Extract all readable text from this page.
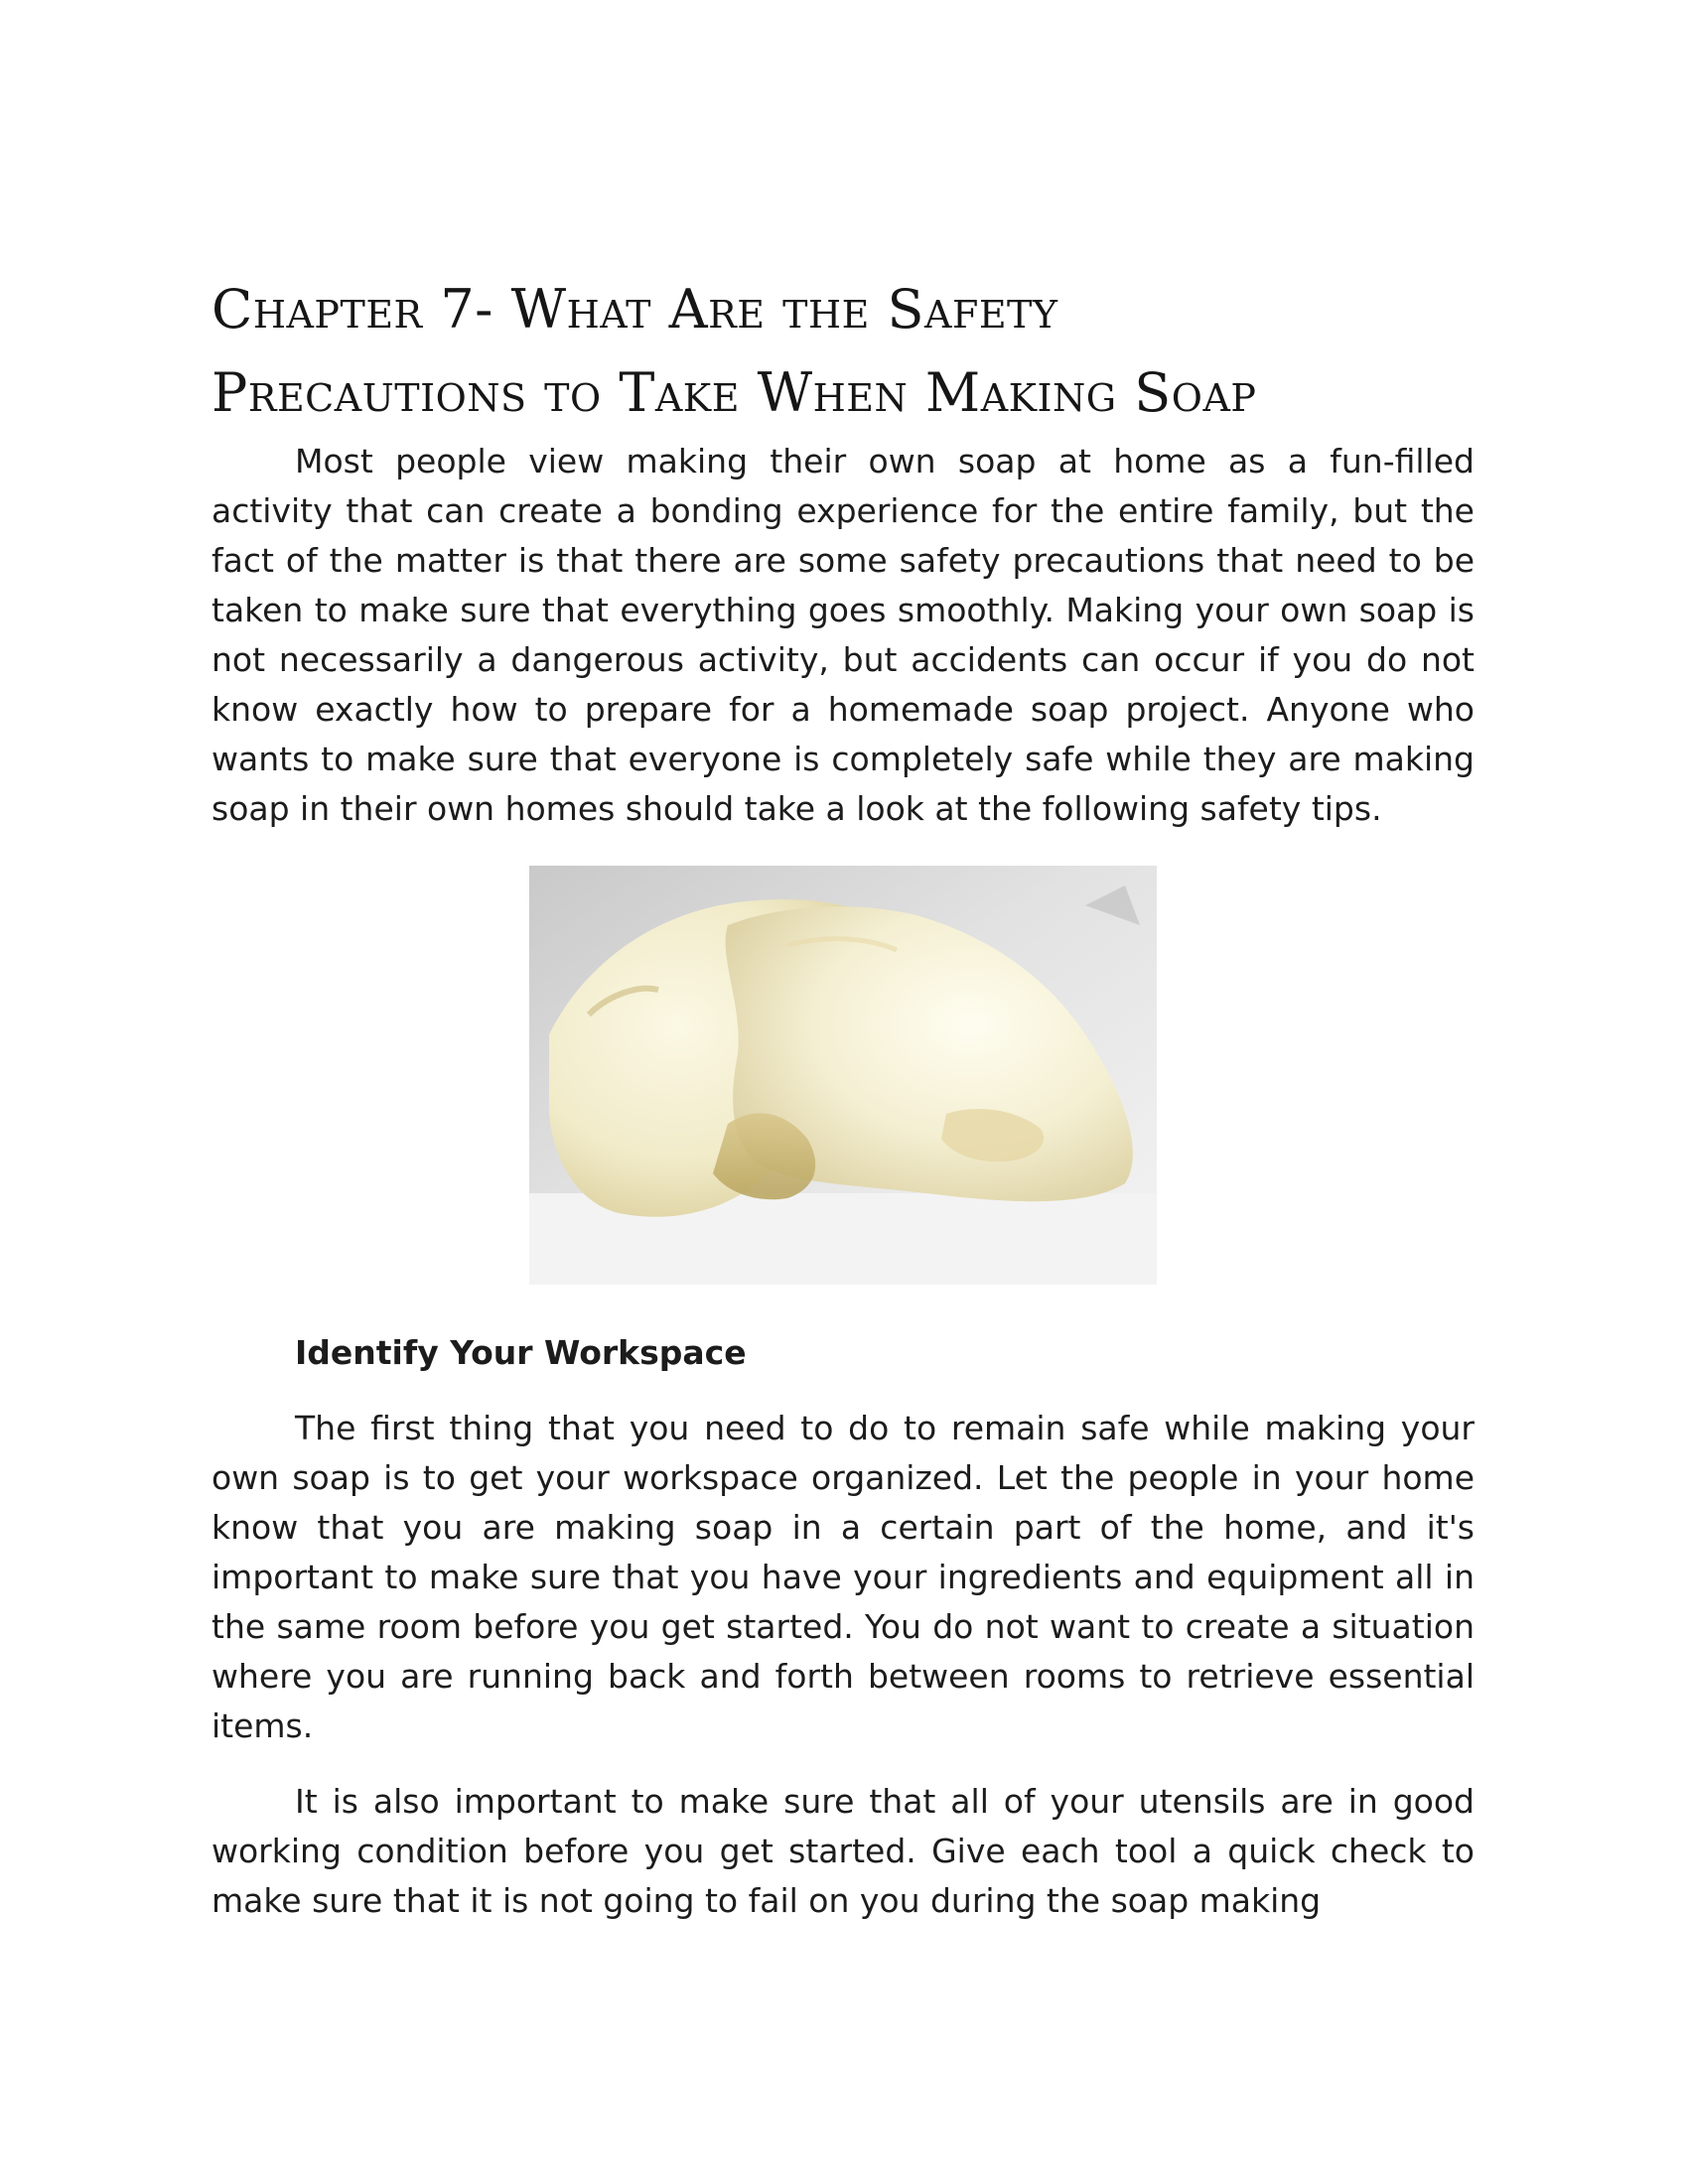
Chapter 7- What Are the Safety
Precautions to Take When Making Soap

Most people view making their own soap at home as a fun-filled activity that can create a bonding experience for the entire family, but the fact of the matter is that there are some safety precautions that need to be taken to make sure that everything goes smoothly. Making your own soap is not necessarily a dangerous activity, but accidents can occur if you do not know exactly how to prepare for a homemade soap project. Anyone who wants to make sure that everyone is completely safe while they are making soap in their own homes should take a look at the following safety tips.

Identify Your Workspace

The first thing that you need to do to remain safe while making your own soap is to get your workspace organized. Let the people in your home know that you are making soap in a certain part of the home, and it's important to make sure that you have your ingredients and equipment all in the same room before you get started. You do not want to create a situation where you are running back and forth between rooms to retrieve essential items.

It is also important to make sure that all of your utensils are in good working condition before you get started. Give each tool a quick check to make sure that it is not going to fail on you during the soap making
